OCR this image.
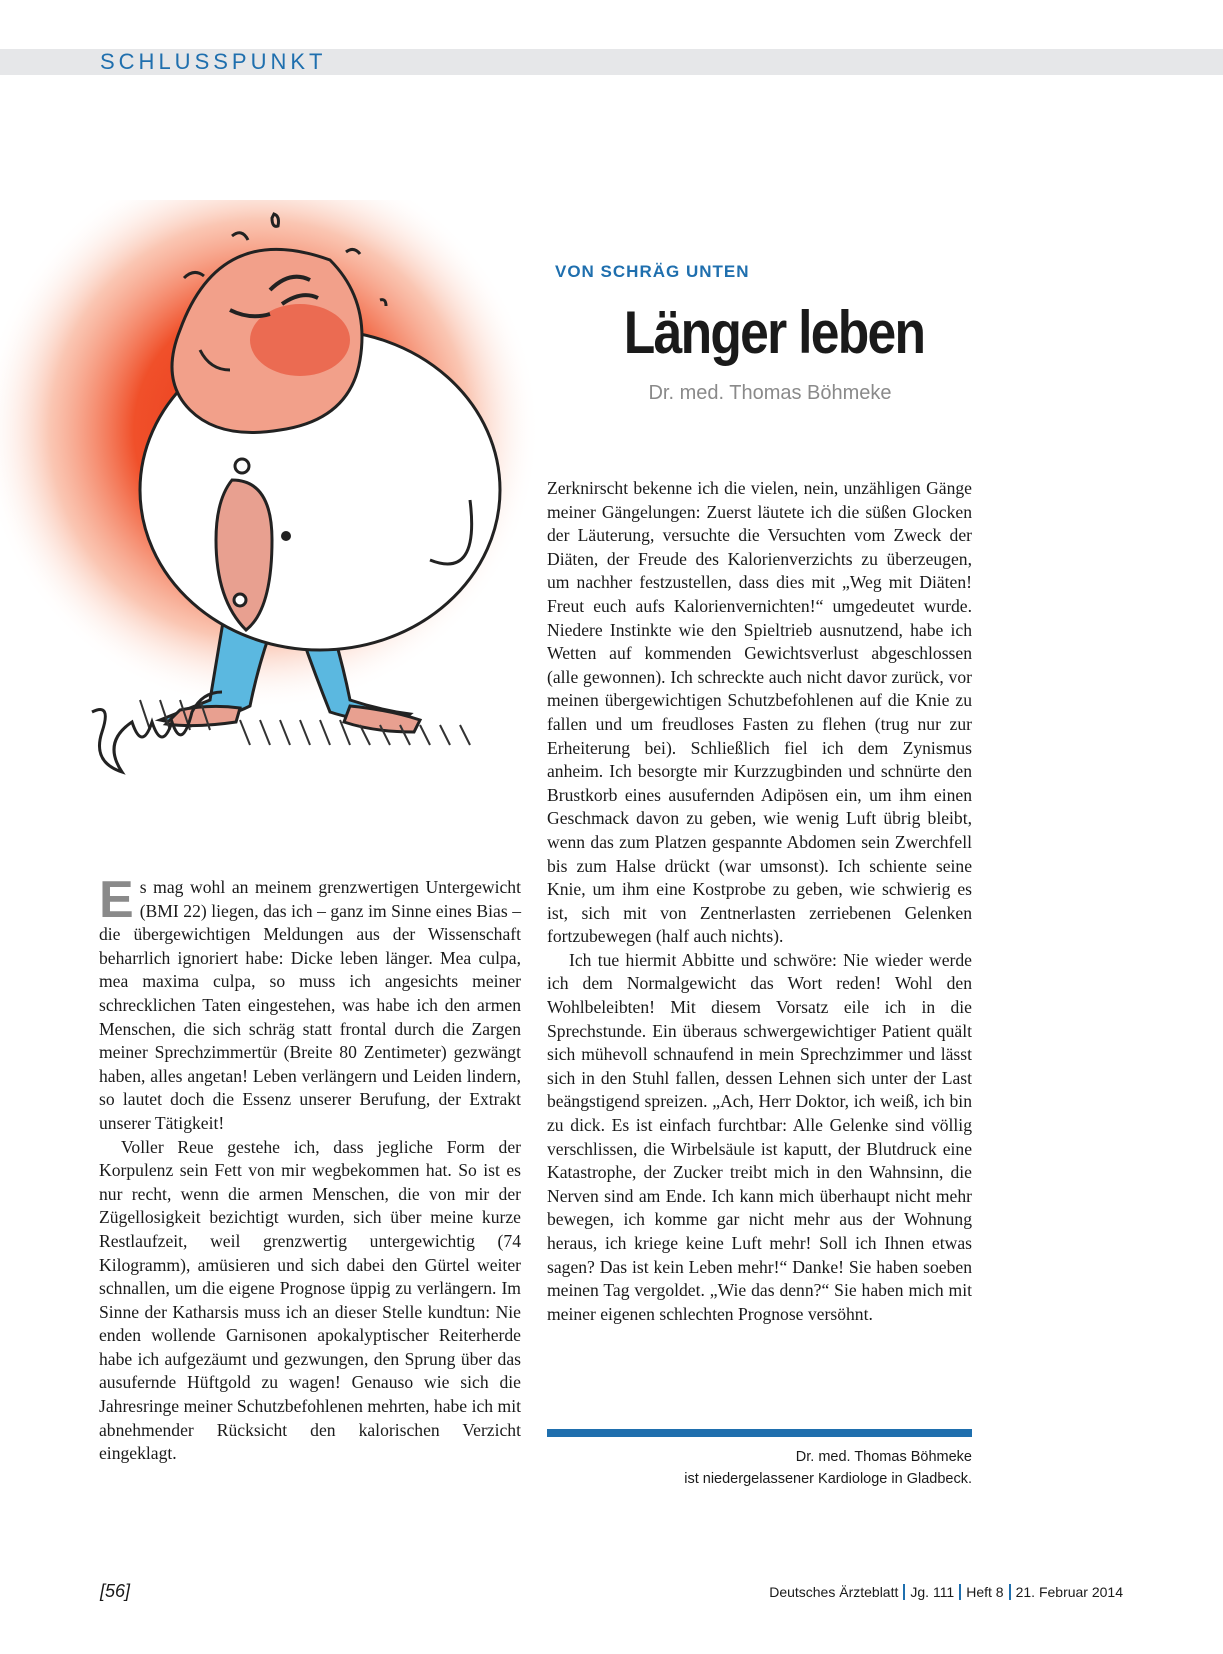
SCHLUSSPUNKT
VON SCHRÄG UNTEN
Länger leben
Dr. med. Thomas Böhmeke

Es mag wohl an meinem grenzwertigen Untergewicht (BMI 22) liegen, das ich – ganz im Sinne eines Bias – die übergewichtigen Meldungen aus der Wissenschaft beharrlich ignoriert habe: Dicke leben länger. Mea culpa, mea maxima culpa, so muss ich angesichts meiner schrecklichen Taten eingestehen, was habe ich den armen Menschen, die sich schräg statt frontal durch die Zargen meiner Sprechzimmertür (Breite 80 Zentimeter) gezwängt haben, alles angetan! Leben verlängern und Leiden lindern, so lautet doch die Essenz unserer Berufung, der Extrakt unserer Tätigkeit!

Voller Reue gestehe ich, dass jegliche Form der Korpulenz sein Fett von mir wegbekommen hat. So ist es nur recht, wenn die armen Menschen, die von mir der Zügellosigkeit bezichtigt wurden, sich über meine kurze Restlaufzeit, weil grenzwertig untergewichtig (74 Kilogramm), amüsieren und sich dabei den Gürtel weiter schnallen, um die eigene Prognose üppig zu verlängern. Im Sinne der Katharsis muss ich an dieser Stelle kundtun: Nie enden wollende Garnisonen apokalyptischer Reiterherde habe ich aufgezäumt und gezwungen, den Sprung über das ausufernde Hüftgold zu wagen! Genauso wie sich die Jahresringe meiner Schutzbefohlenen mehrten, habe ich mit abnehmender Rücksicht den kalorischen Verzicht eingeklagt.

Zerknirscht bekenne ich die vielen, nein, unzähligen Gänge meiner Gängelungen: Zuerst läutete ich die süßen Glocken der Läuterung, versuchte die Versuchten vom Zweck der Diäten, der Freude des Kalorienverzichts zu überzeugen, um nachher festzustellen, dass dies mit „Weg mit Diäten! Freut euch aufs Kalorienvernichten!“ umgedeutet wurde. Niedere Instinkte wie den Spieltrieb ausnutzend, habe ich Wetten auf kommenden Gewichtsverlust abgeschlossen (alle gewonnen). Ich schreckte auch nicht davor zurück, vor meinen übergewichtigen Schutzbefohlenen auf die Knie zu fallen und um freudloses Fasten zu flehen (trug nur zur Erheiterung bei). Schließlich fiel ich dem Zynismus anheim. Ich besorgte mir Kurzzugbinden und schnürte den Brustkorb eines ausufernden Adipösen ein, um ihm einen Geschmack davon zu geben, wie wenig Luft übrig bleibt, wenn das zum Platzen gespannte Abdomen sein Zwerchfell bis zum Halse drückt (war umsonst). Ich schiente seine Knie, um ihm eine Kostprobe zu geben, wie schwierig es ist, sich mit von Zentnerlasten zerriebenen Gelenken fortzubewegen (half auch nichts).

Ich tue hiermit Abbitte und schwöre: Nie wieder werde ich dem Normalgewicht das Wort reden! Wohl den Wohlbeleibten! Mit diesem Vorsatz eile ich in die Sprechstunde. Ein überaus schwergewichtiger Patient quält sich mühevoll schnaufend in mein Sprechzimmer und lässt sich in den Stuhl fallen, dessen Lehnen sich unter der Last beängstigend spreizen. „Ach, Herr Doktor, ich weiß, ich bin zu dick. Es ist einfach furchtbar: Alle Gelenke sind völlig verschlissen, die Wirbelsäule ist kaputt, der Blutdruck eine Katastrophe, der Zucker treibt mich in den Wahnsinn, die Nerven sind am Ende. Ich kann mich überhaupt nicht mehr bewegen, ich komme gar nicht mehr aus der Wohnung heraus, ich kriege keine Luft mehr! Soll ich Ihnen etwas sagen? Das ist kein Leben mehr!“ Danke! Sie haben soeben meinen Tag vergoldet. „Wie das denn?“ Sie haben mich mit meiner eigenen schlechten Prognose versöhnt.

Dr. med. Thomas Böhmeke
ist niedergelassener Kardiologe in Gladbeck.
[56]	Deutsches Ärzteblatt Jg. 111 Heft 8 21. Februar 2014
